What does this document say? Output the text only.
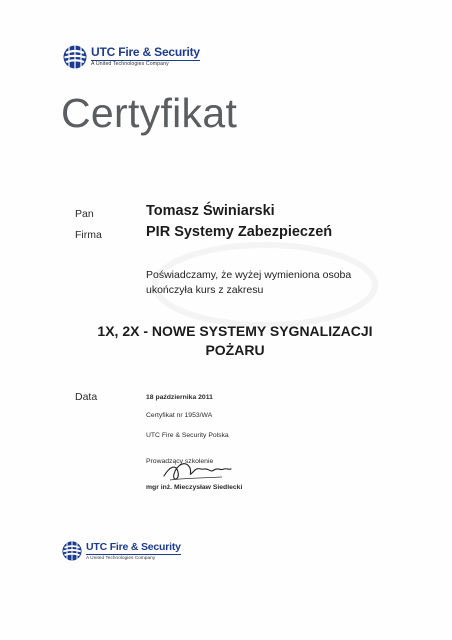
UTC Fire & Security
A United Technologies Company
Certyfikat
Pan	Tomasz Świniarski
Firma	PIR Systemy Zabezpieczeń
Poświadczamy, że wyżej wymieniona osoba
ukończyła kurs z zakresu
1X, 2X - NOWE SYSTEMY SYGNALIZACJI
POŻARU
Data	18 października 2011
Certyfikat nr 1953/WA
UTC Fire & Security Polska
Prowadzący szkolenie
mgr inż. Mieczysław Siedlecki
UTC Fire & Security
A United Technologies Company
